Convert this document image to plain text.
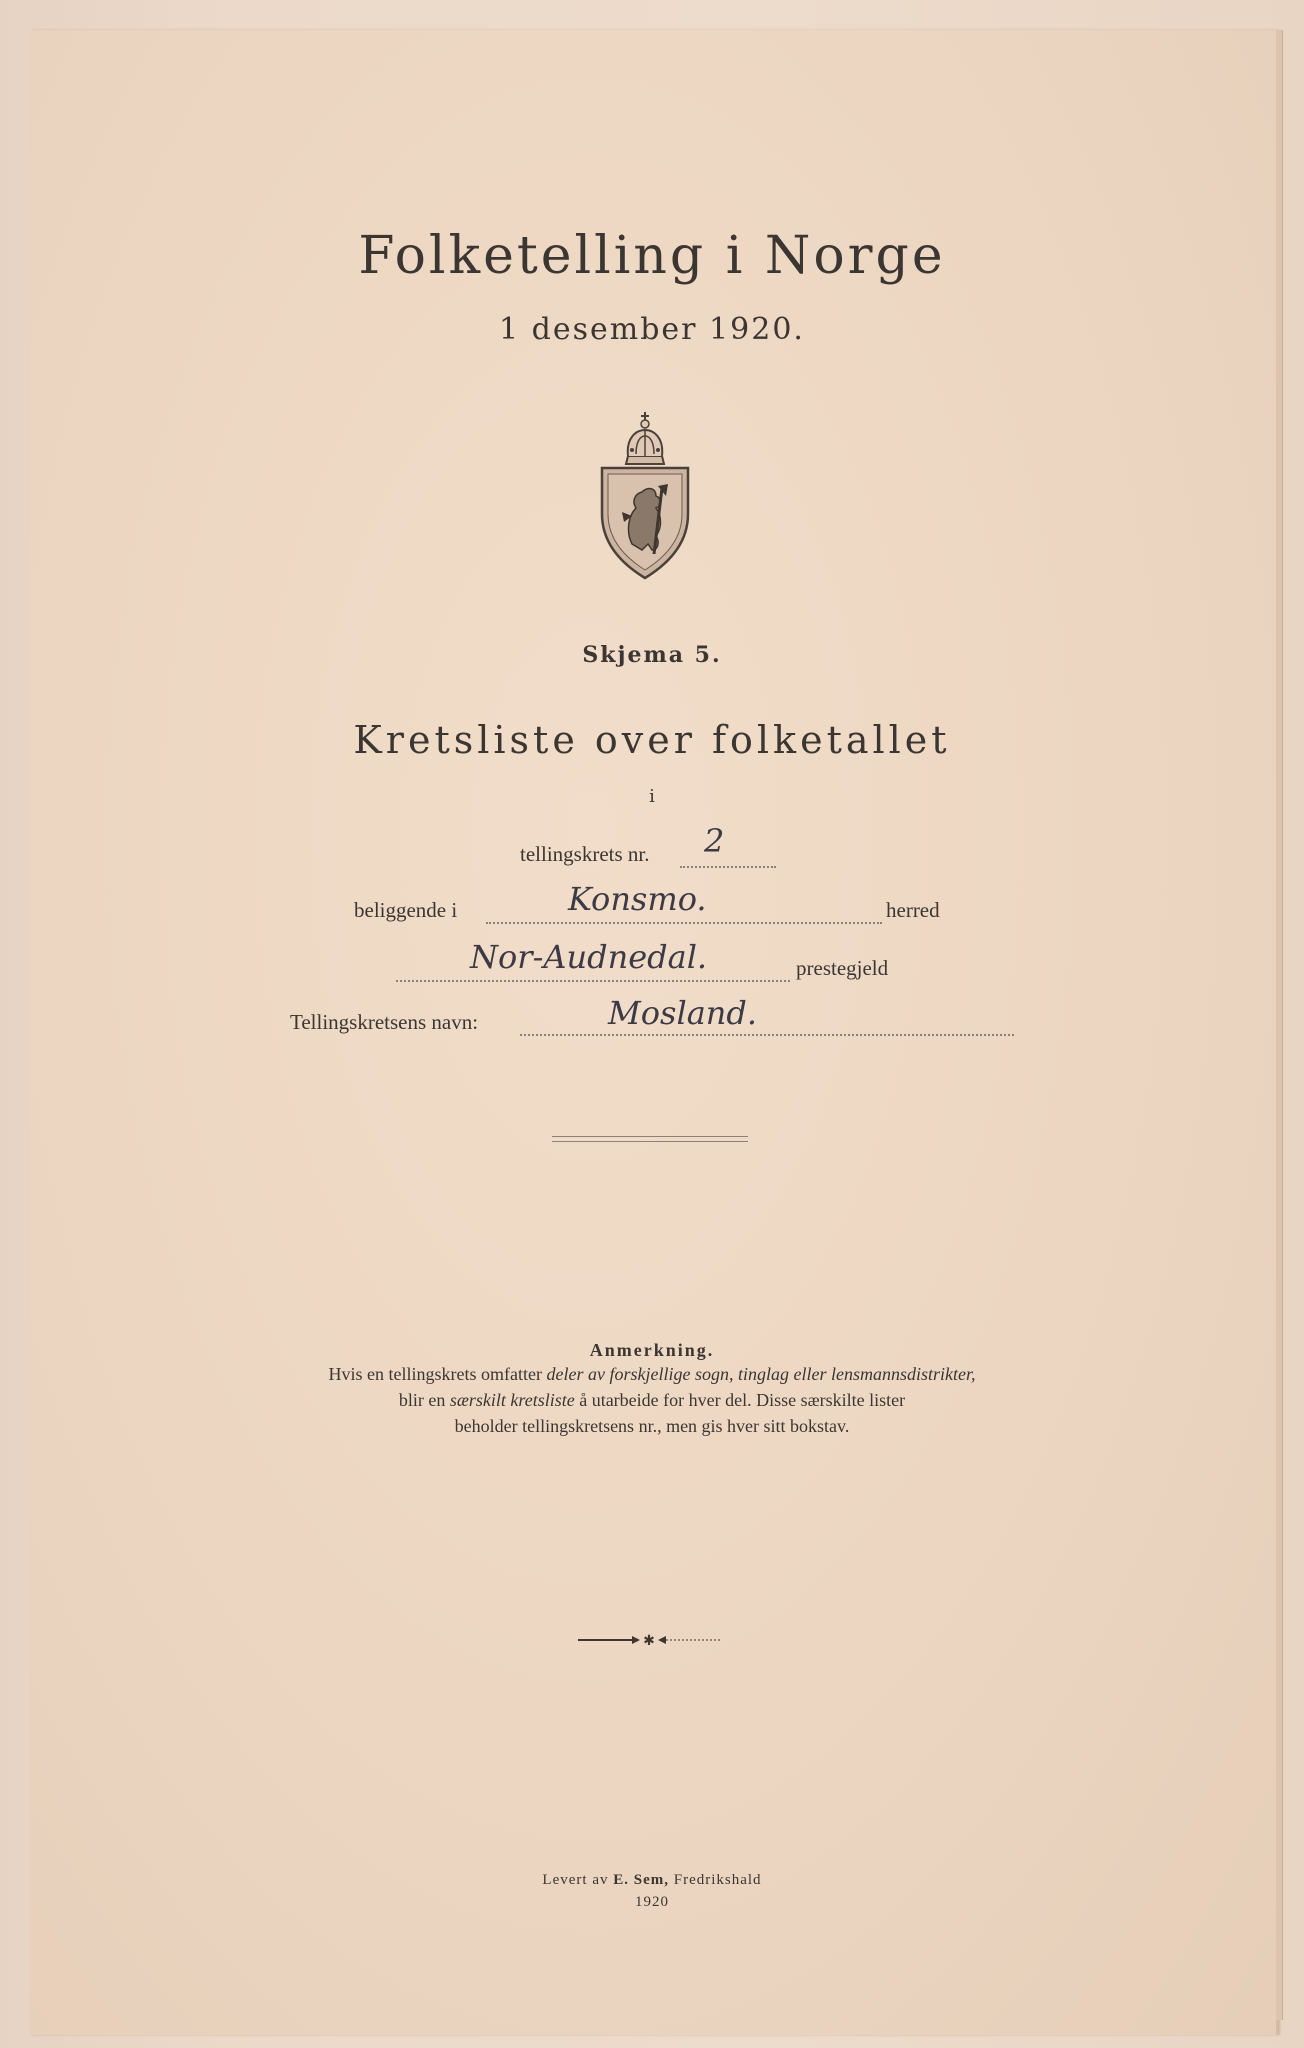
Folketelling i Norge
1 desember 1920.
Skjema 5.
Kretsliste over folketallet
i
tellingskrets nr. 2
beliggende i	Konsmo.	herred
Nor-Audnedal.	prestegjeld
Tellingskretsens navn:	Mosland.
Anmerkning.
Hvis en tellingskrets omfatter deler av forskjellige sogn, tinglag eller lensmannsdistrikter,
blir en særskilt kretsliste å utarbeide for hver del. Disse særskilte lister
beholder tellingskretsens nr., men gis hver sitt bokstav.
✱
Levert av E. Sem, Fredrikshald
1920
